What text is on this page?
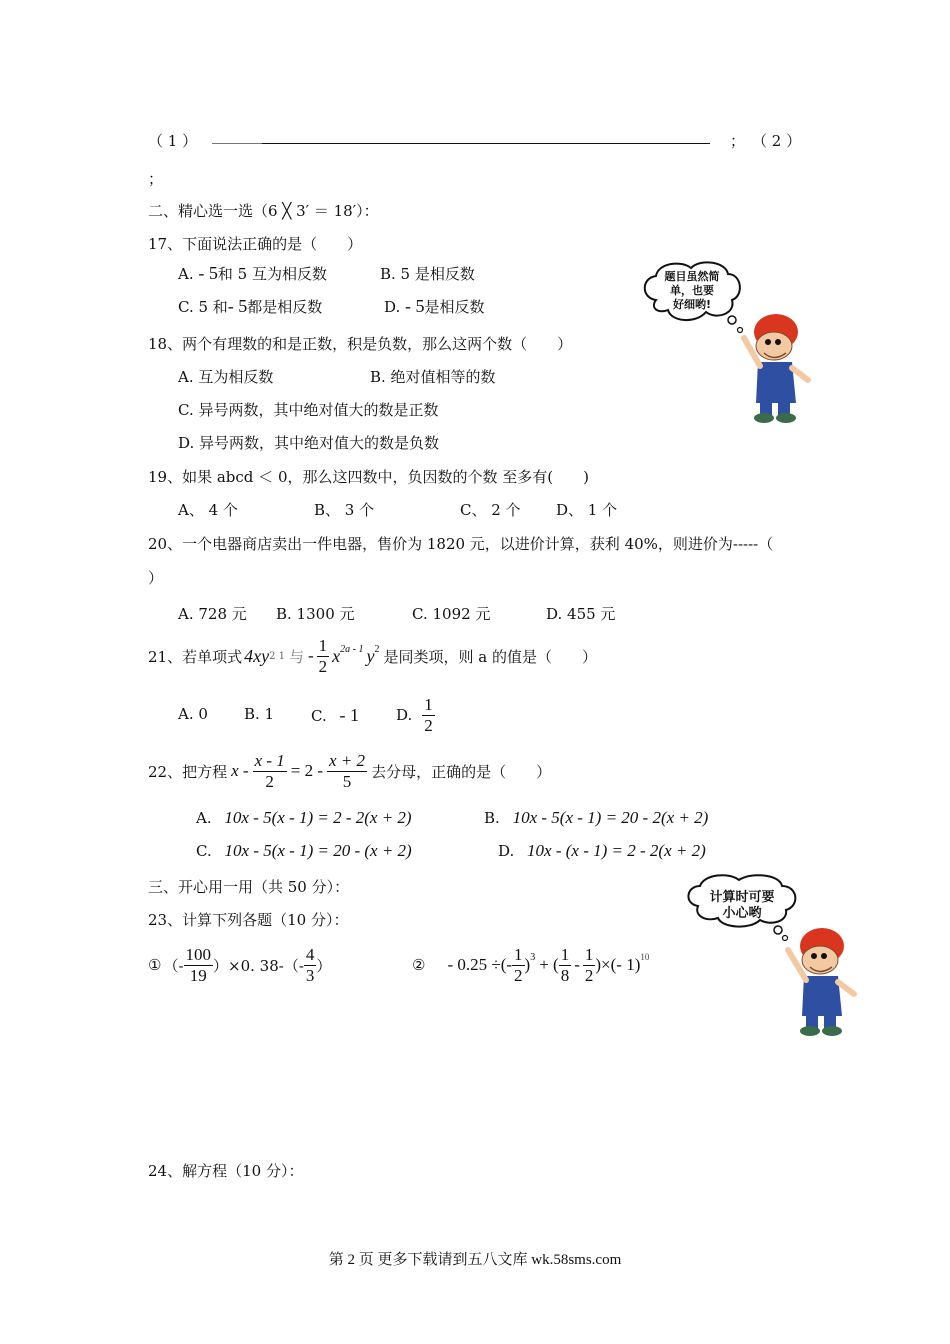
（ 1 ）	； （ 2 ）
；
二、精心选一选（6 ╳ 3′ ＝ 18′）：
17、下面说法正确的是（　　）
A. - 5和 5 互为相反数	B. 5 是相反数
C. 5 和- 5都是相反数	D. - 5是相反数
18、两个有理数的和是正数，积是负数，那么这两个数（　　）
A. 互为相反数	B. 绝对值相等的数
C. 异号两数，其中绝对值大的数是正数
D. 异号两数，其中绝对值大的数是负数
19、如果 abcd ＜ 0，那么这四数中，负因数的个数 至多有(　　)
A、 4 个	B、 3 个	C、 2 个 D、 1 个
20、一个电器商店卖出一件电器，售价为 1820 元，以进价计算，获利 40%，则进价为-----（
）
A. 728 元 B. 1300 元	C. 1092 元	D. 455 元
21、若单项式 4xy 2 1 与 - $\frac{1}{2}$ x 2a - 1 y 2 是同类项，则 a 的值是（　　）
A. 0 B. 1 C. - 1 D. $\frac{1}{2}$
22、把方程 $x - \frac{x - 1}{2} = 2 - \frac{x + 2}{5}$ 去分母，正确的是（　　）
A. 10x - 5(x - 1) = 2 - 2(x + 2)	B. 10x - 5(x - 1) = 20 - 2(x + 2)
C. 10x - 5(x - 1) = 20 - (x + 2)	D. 10x - (x - 1) = 2 - 2(x + 2)
三、开心用一用（共 50 分）：
23、计算下列各题（10 分）：
① （- $\frac{100}{19} )\times 0$. $38-(- \frac{4}{3}$ ）	② - 0.25 ÷(- $\frac{1}{2}$ ) 3 + ( $\frac{1}{8} - \frac{1}{2}$ )×(- 1) 10
24、解方程（10 分）：
题目虽然简
单，也要
好细哟!
计算时可要
小心哟
第 2 页 更多下载请到五八文库 wk.58sms.com
